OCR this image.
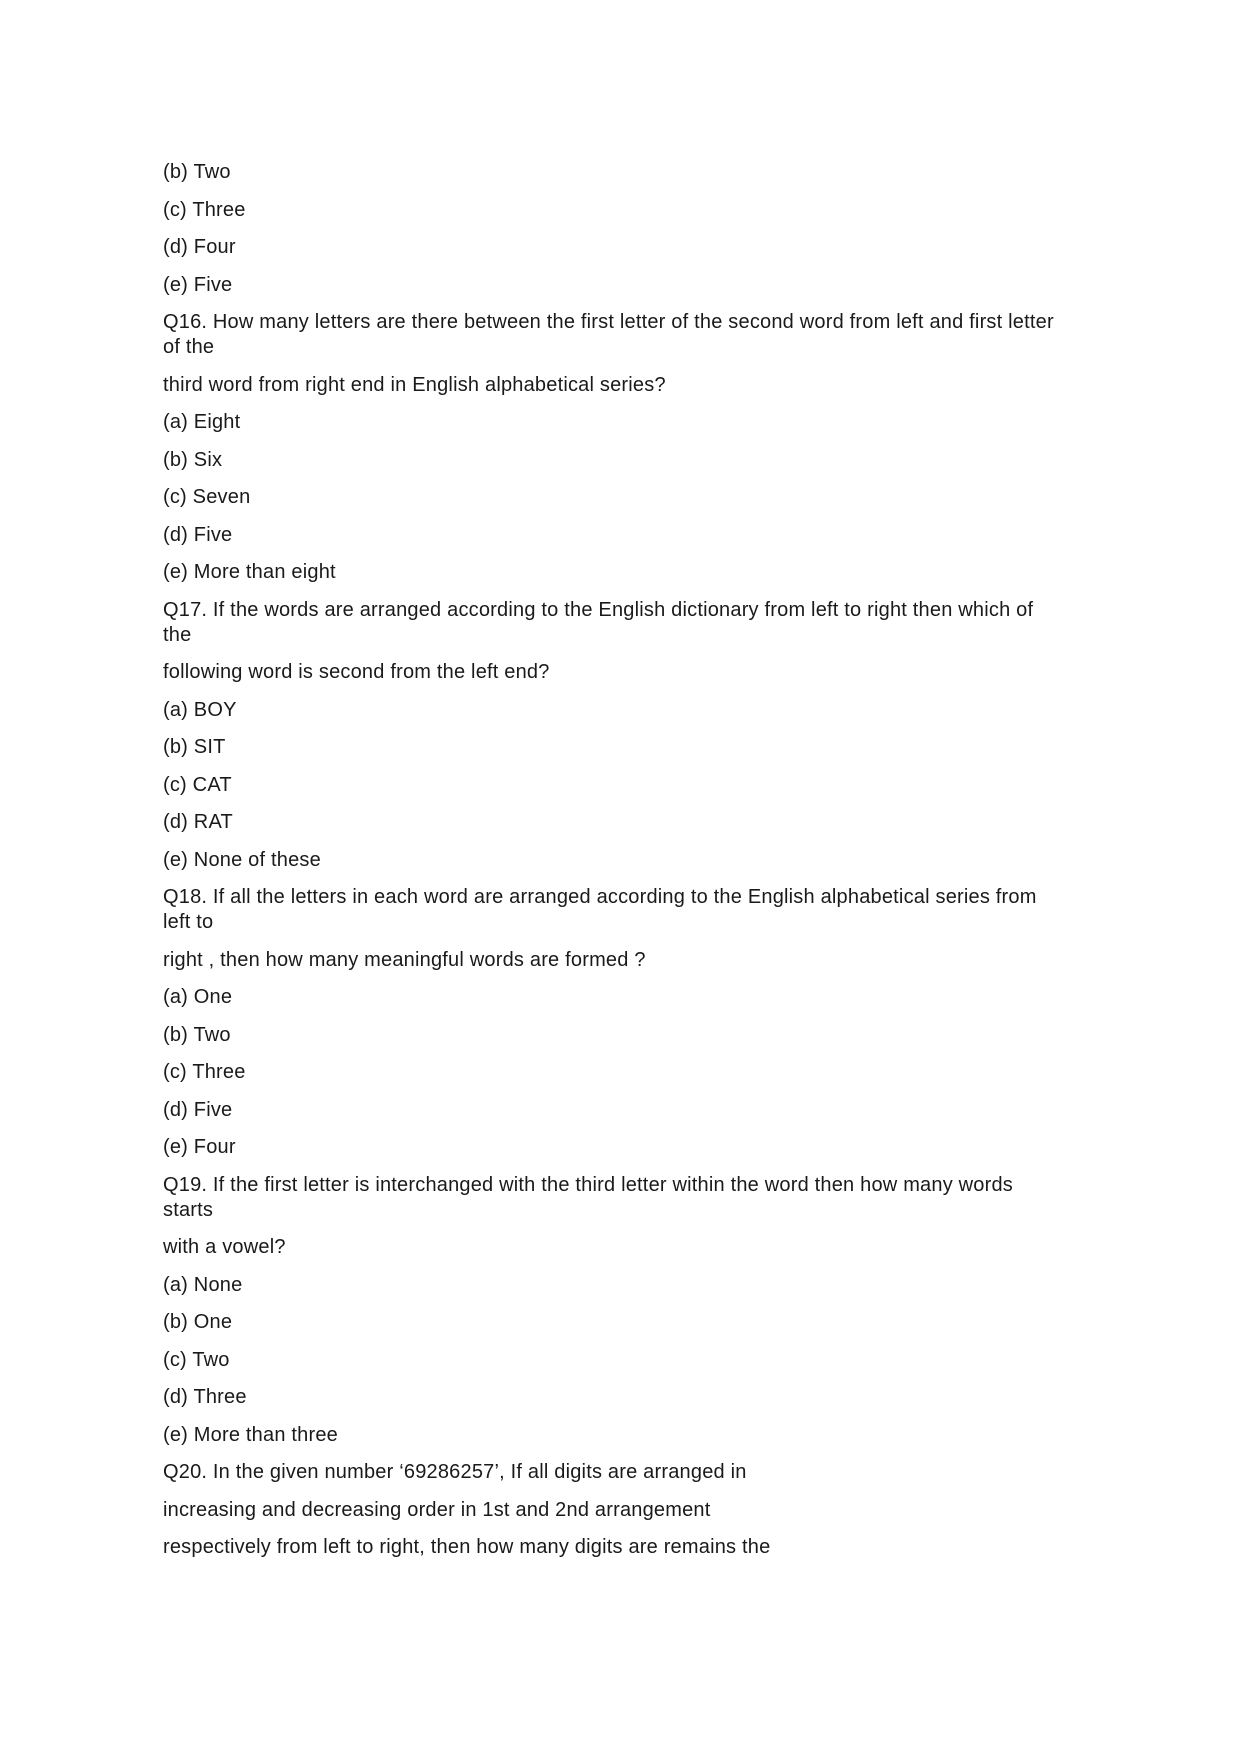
(b) Two
(c) Three
(d) Four
(e) Five
Q16. How many letters are there between the first letter of the second word from left and first letter
of the
third word from right end in English alphabetical series?
(a) Eight
(b) Six
(c) Seven
(d) Five
(e) More than eight
Q17. If the words are arranged according to the English dictionary from left to right then which of
the
following word is second from the left end?
(a) BOY
(b) SIT
(c) CAT
(d) RAT
(e) None of these
Q18. If all the letters in each word are arranged according to the English alphabetical series from
left to
right , then how many meaningful words are formed ?
(a) One
(b) Two
(c) Three
(d) Five
(e) Four
Q19. If the first letter is interchanged with the third letter within the word then how many words
starts
with a vowel?
(a) None
(b) One
(c) Two
(d) Three
(e) More than three
Q20. In the given number ‘69286257’, If all digits are arranged in
increasing and decreasing order in 1st and 2nd arrangement
respectively from left to right, then how many digits are remains the
